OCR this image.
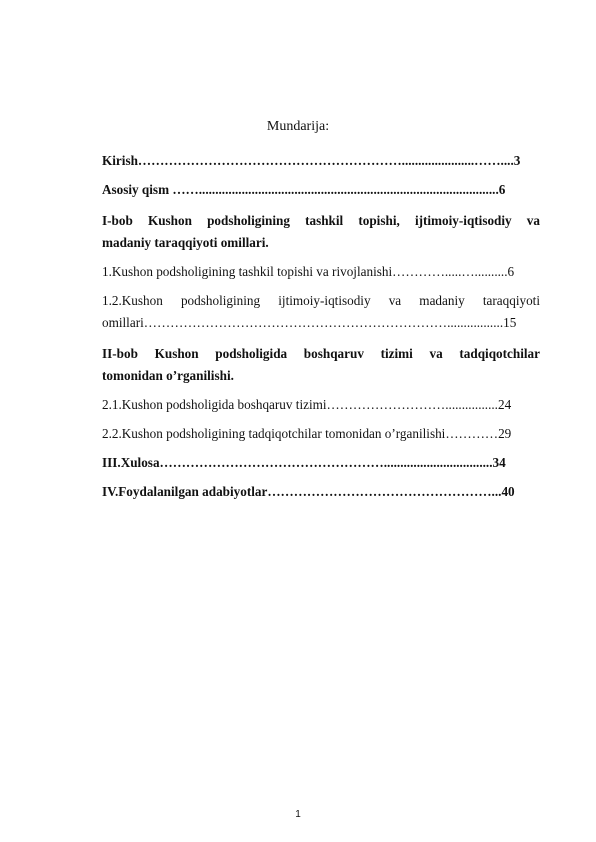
Mundarija:

Kirish……………………………………………………......................……....3

Asosiy qism ……...........................................................................................6

I-bob Kushon podsholigining tashkil topishi, ijtimoiy-iqtisodiy va

madaniy taraqqiyoti omillari.

1.Kushon podsholigining tashkil topishi va rivojlanishi………….....…..........6

1.2.Kushon podsholigining ijtimoiy-iqtisodiy va madaniy taraqqiyoti

omillari…………………………………………………………….................15

II-bob Kushon podsholigida boshqaruv tizimi va tadqiqotchilar

tomonidan o’rganilishi.

2.1.Kushon podsholigida boshqaruv tizimi………………………................24

2.2.Kushon podsholigining tadqiqotchilar tomonidan o’rganilishi…………29

III.Xulosa…………………………………………….................................34

IV.Foydalanilgan adabiyotlar……………………………………………...40

1
